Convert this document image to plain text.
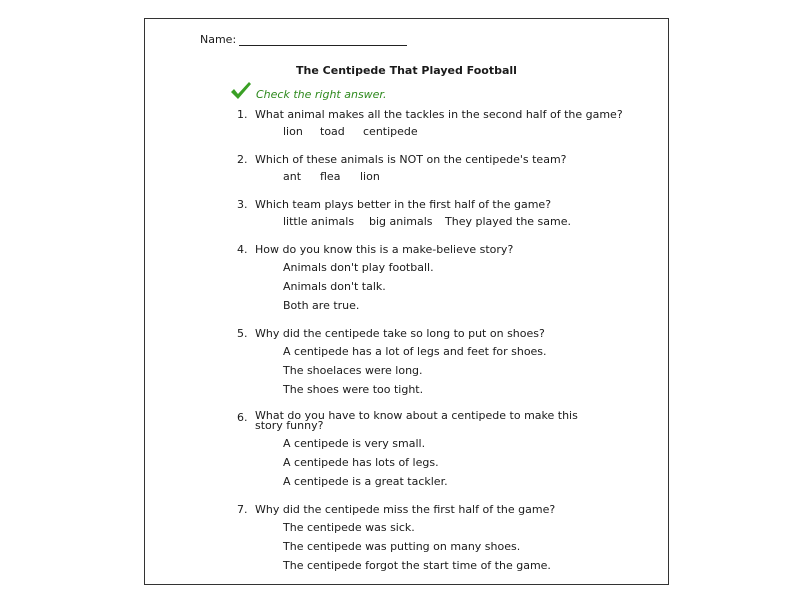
Name:
The Centipede That Played Football
Check the right answer.
1. What animal makes all the tackles in the second half of the game?
lion toad centipede
2. Which of these animals is NOT on the centipede's team?
ant flea lion
3. Which team plays better in the first half of the game?
little animals big animals They played the same.
4. How do you know this is a make-believe story?
Animals don't play football.
Animals don't talk.
Both are true.
5. Why did the centipede take so long to put on shoes?
A centipede has a lot of legs and feet for shoes.
The shoelaces were long.
The shoes were too tight.
6. What do you have to know about a centipede to make this story funny?
A centipede is very small.
A centipede has lots of legs.
A centipede is a great tackler.
7. Why did the centipede miss the first half of the game?
The centipede was sick.
The centipede was putting on many shoes.
The centipede forgot the start time of the game.
